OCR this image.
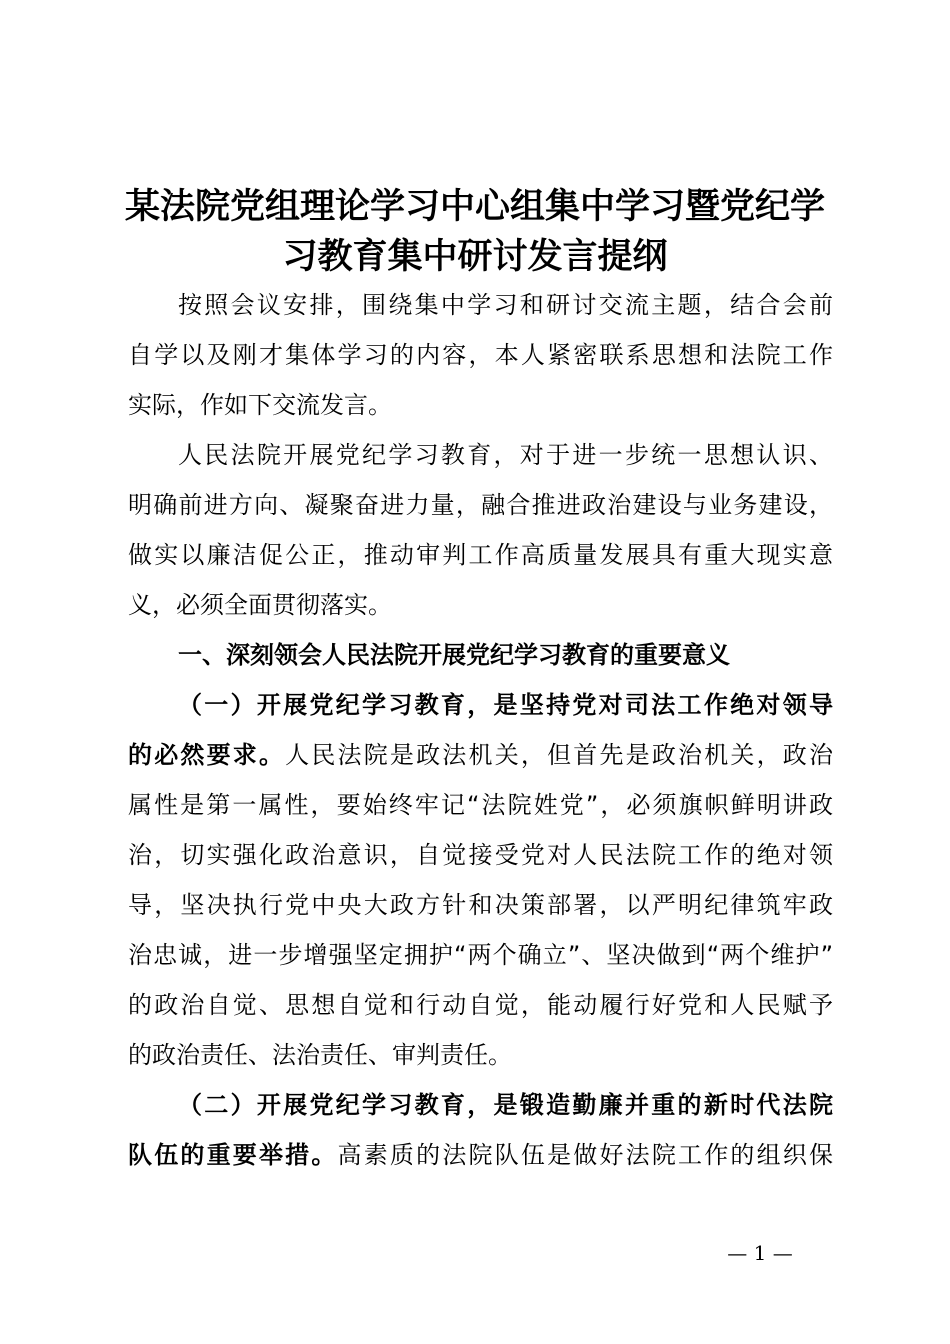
某法院党组理论学习中心组集中学习暨党纪学
习教育集中研讨发言提纲
按照会议安排，围绕集中学习和研讨交流主题，结合会前
自学以及刚才集体学习的内容，本人紧密联系思想和法院工作
实际，作如下交流发言。
人民法院开展党纪学习教育，对于进一步统一思想认识、
明确前进方向、凝聚奋进力量，融合推进政治建设与业务建设，
做实以廉洁促公正，推动审判工作高质量发展具有重大现实意
义，必须全面贯彻落实。
一、深刻领会人民法院开展党纪学习教育的重要意义
（一）开展党纪学习教育，是坚持党对司法工作绝对领导
的必然要求。人民法院是政法机关，但首先是政治机关，政治
属性是第一属性，要始终牢记“法院姓党”，必须旗帜鲜明讲政
治，切实强化政治意识，自觉接受党对人民法院工作的绝对领
导，坚决执行党中央大政方针和决策部署，以严明纪律筑牢政
治忠诚，进一步增强坚定拥护“两个确立”、坚决做到“两个维护”
的政治自觉、思想自觉和行动自觉，能动履行好党和人民赋予
的政治责任、法治责任、审判责任。
（二）开展党纪学习教育，是锻造勤廉并重的新时代法院
队伍的重要举措。高素质的法院队伍是做好法院工作的组织保
— 1 —
